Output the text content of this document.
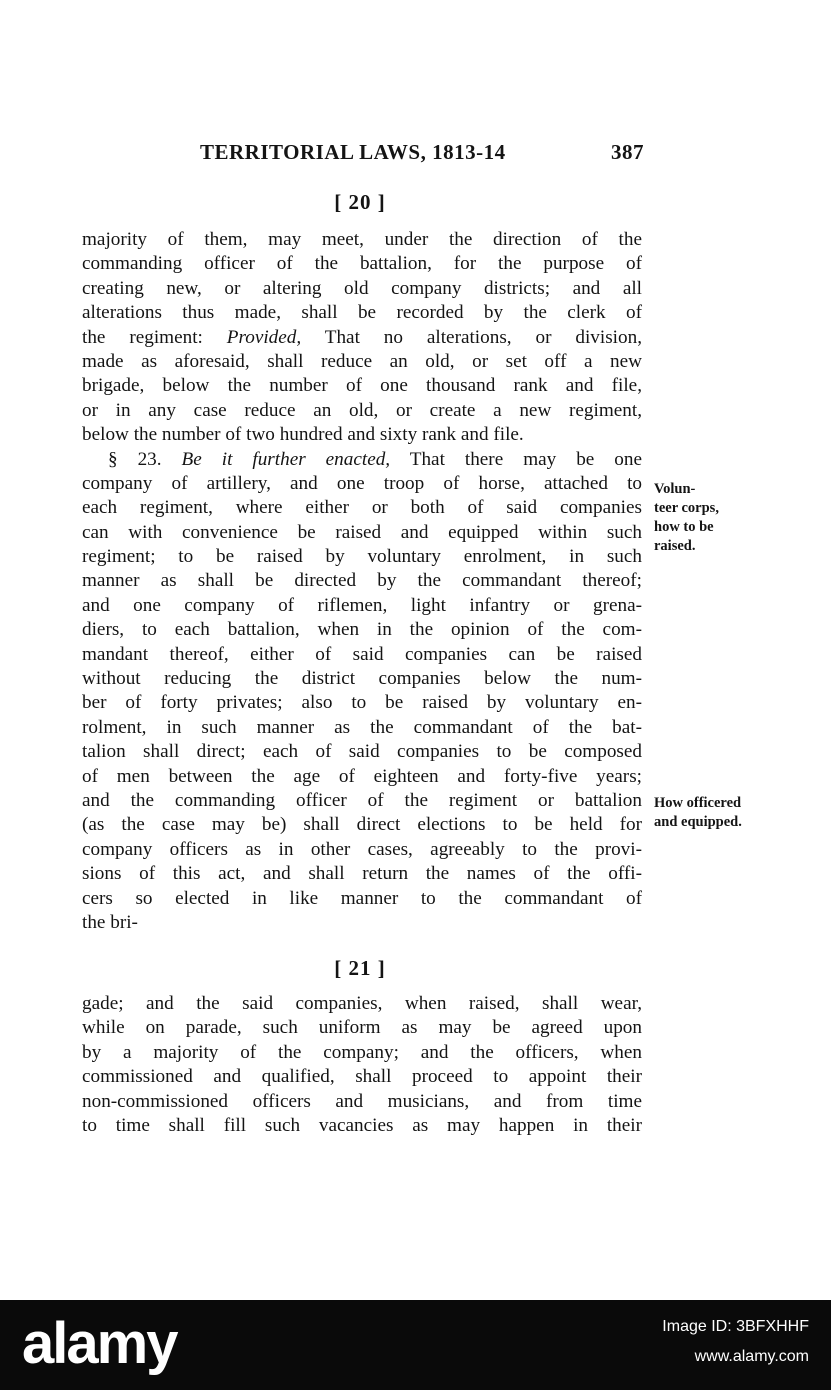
TERRITORIAL LAWS, 1813-14	387
[ 20 ]
majority of them, may meet, under the direction of the
commanding officer of the battalion, for the purpose of
creating new, or altering old company districts; and all
alterations thus made, shall be recorded by the clerk of
the regiment: Provided, That no alterations, or division,
made as aforesaid, shall reduce an old, or set off a new
brigade, below the number of one thousand rank and file,
or in any case reduce an old, or create a new regiment,
below the number of two hundred and sixty rank and file.
§ 23. Be it further enacted, That there may be one
company of artillery, and one troop of horse, attached to
each regiment, where either or both of said companies
can with convenience be raised and equipped within such
regiment; to be raised by voluntary enrolment, in such
manner as shall be directed by the commandant thereof;
and one company of riflemen, light infantry or grena-
diers, to each battalion, when in the opinion of the com-
mandant thereof, either of said companies can be raised
without reducing the district companies below the num-
ber of forty privates; also to be raised by voluntary en-
rolment, in such manner as the commandant of the bat-
talion shall direct; each of said companies to be composed
of men between the age of eighteen and forty-five years;
and the commanding officer of the regiment or battalion
(as the case may be) shall direct elections to be held for
company officers as in other cases, agreeably to the provi-
sions of this act, and shall return the names of the offi-
cers so elected in like manner to the commandant of
the bri-
Volun-
teer corps,
how to be
raised.
How officered
and equipped.
[ 21 ]
gade; and the said companies, when raised, shall wear,
while on parade, such uniform as may be agreed upon
by a majority of the company; and the officers, when
commissioned and qualified, shall proceed to appoint their
non-commissioned officers and musicians, and from time
to time shall fill such vacancies as may happen in their
alamy	Image ID: 3BFXHHF
www.alamy.com
